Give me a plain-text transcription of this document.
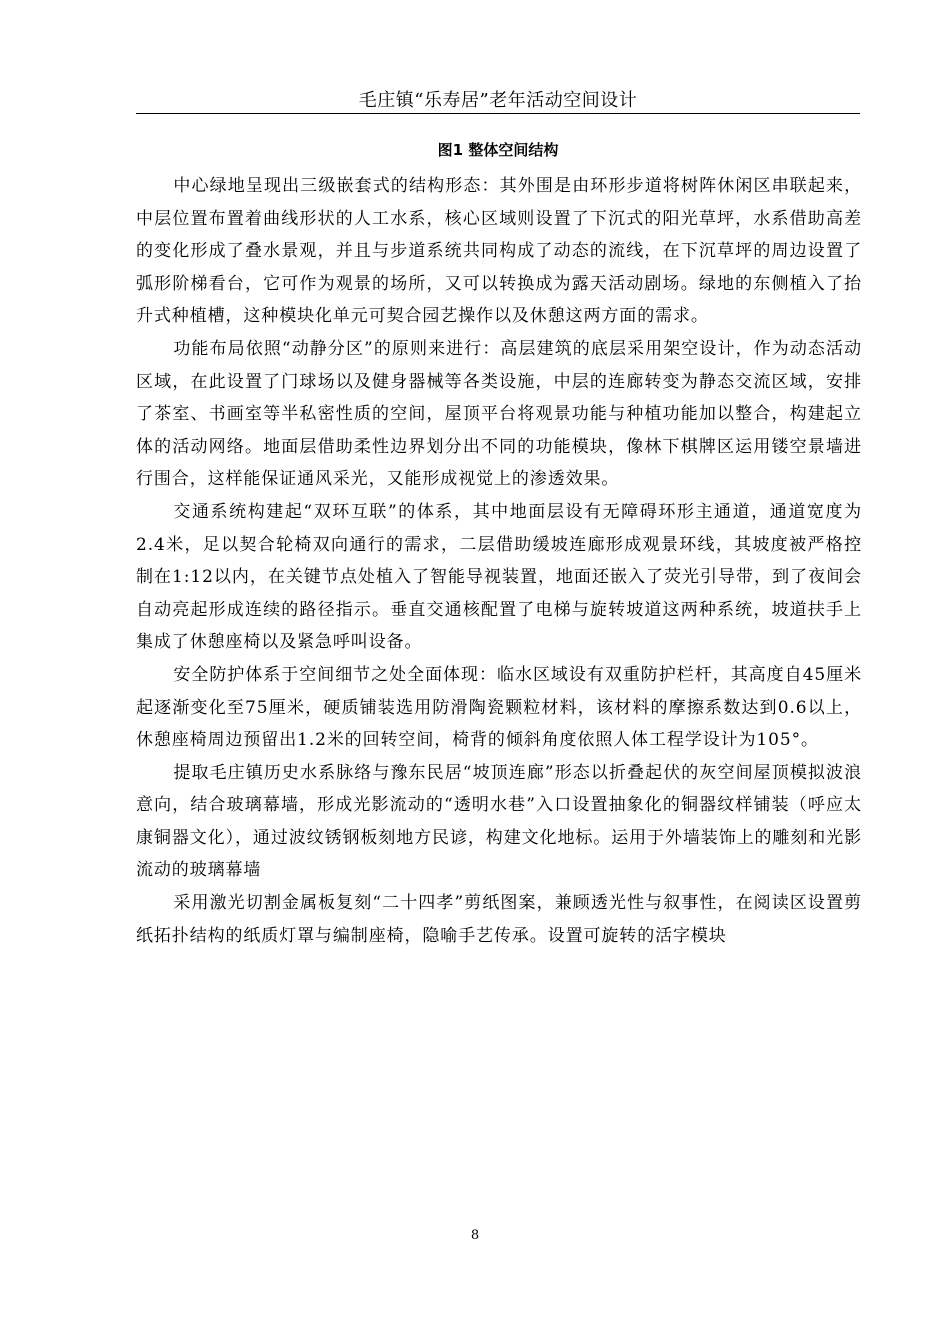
毛庄镇“乐寿居”老年活动空间设计
图1 整体空间结构

中心绿地呈现出三级嵌套式的结构形态：其外围是由环形步道将树阵休闲区串联起来，中层位置布置着曲线形状的人工水系，核心区域则设置了下沉式的阳光草坪，水系借助高差的变化形成了叠水景观，并且与步道系统共同构成了动态的流线，在下沉草坪的周边设置了弧形阶梯看台，它可作为观景的场所，又可以转换成为露天活动剧场。绿地的东侧植入了抬升式种植槽，这种模块化单元可契合园艺操作以及休憩这两方面的需求。

功能布局依照“动静分区”的原则来进行：高层建筑的底层采用架空设计，作为动态活动区域，在此设置了门球场以及健身器械等各类设施，中层的连廊转变为静态交流区域，安排了茶室、书画室等半私密性质的空间，屋顶平台将观景功能与种植功能加以整合，构建起立体的活动网络。地面层借助柔性边界划分出不同的功能模块，像林下棋牌区运用镂空景墙进行围合，这样能保证通风采光，又能形成视觉上的渗透效果。

交通系统构建起“双环互联”的体系，其中地面层设有无障碍环形主通道，通道宽度为2.4米，足以契合轮椅双向通行的需求，二层借助缓坡连廊形成观景环线，其坡度被严格控制在1:12以内，在关键节点处植入了智能导视装置，地面还嵌入了荧光引导带，到了夜间会自动亮起形成连续的路径指示。垂直交通核配置了电梯与旋转坡道这两种系统，坡道扶手上集成了休憩座椅以及紧急呼叫设备。

安全防护体系于空间细节之处全面体现：临水区域设有双重防护栏杆，其高度自45厘米起逐渐变化至75厘米，硬质铺装选用防滑陶瓷颗粒材料，该材料的摩擦系数达到0.6以上，休憩座椅周边预留出1.2米的回转空间，椅背的倾斜角度依照人体工程学设计为105°。

提取毛庄镇历史水系脉络与豫东民居“坡顶连廊”形态以折叠起伏的灰空间屋顶模拟波浪意向，结合玻璃幕墙，形成光影流动的“透明水巷”入口设置抽象化的铜器纹样铺装（呼应太康铜器文化），通过波纹锈钢板刻地方民谚，构建文化地标。运用于外墙装饰上的雕刻和光影流动的玻璃幕墙

采用激光切割金属板复刻“二十四孝”剪纸图案，兼顾透光性与叙事性，在阅读区设置剪纸拓扑结构的纸质灯罩与编制座椅，隐喻手艺传承。设置可旋转的活字模块

8
